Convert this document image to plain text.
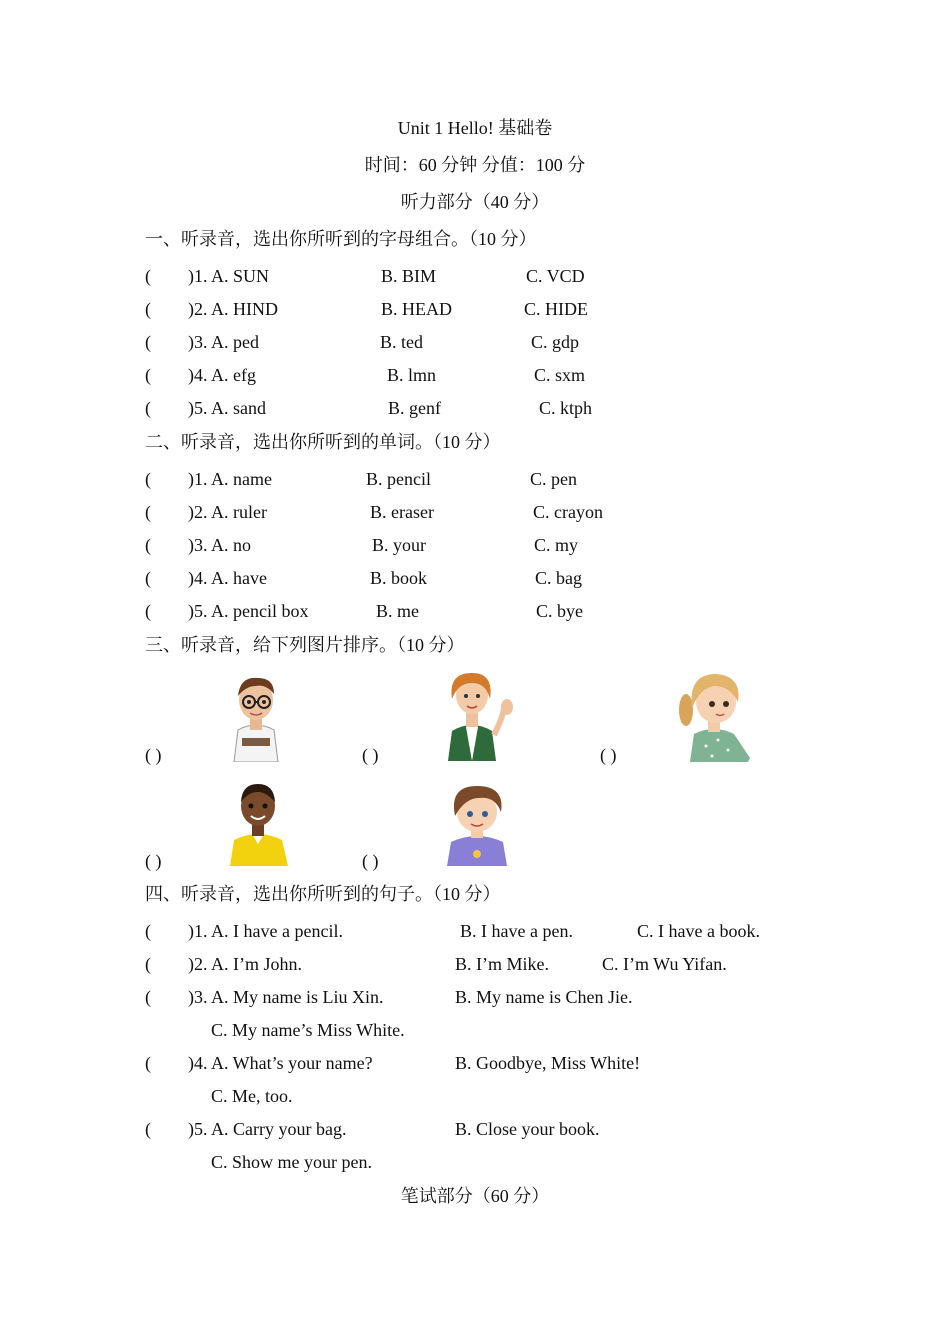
Unit 1 Hello! 基础卷
时间：60 分钟 分值：100 分
听力部分（40 分）
一、听录音，选出你所听到的字母组合。（10 分）
( )1. A. SUN	B. BIM	C. VCD
( )2. A. HIND	B. HEAD	C. HIDE
( )3. A. ped	B. ted	C. gdp
( )4. A. efg	B. lmn	C. sxm
( )5. A. sand	B. genf	C. ktph
二、听录音，选出你所听到的单词。（10 分）
( )1. A. name	B. pencil	C. pen
( )2. A. ruler	B. eraser	C. crayon
( )3. A. no	B. your	C. my
( )4. A. have	B. book	C. bag
( )5. A. pencil box	B. me	C. bye
三、听录音，给下列图片排序。（10 分）
( )	( )	( )
( )	( )
四、听录音，选出你所听到的句子。（10 分）
( )1. A. I have a pencil.	B. I have a pen.	C. I have a book.
( )2. A. I’m John.	B. I’m Mike.	C. I’m Wu Yifan.
( )3. A. My name is Liu Xin.	B. My name is Chen Jie.
C. My name’s Miss White.
( )4. A. What’s your name?	B. Goodbye, Miss White!
C. Me, too.
( )5. A. Carry your bag.	B. Close your book.
C. Show me your pen.
笔试部分（60 分）
